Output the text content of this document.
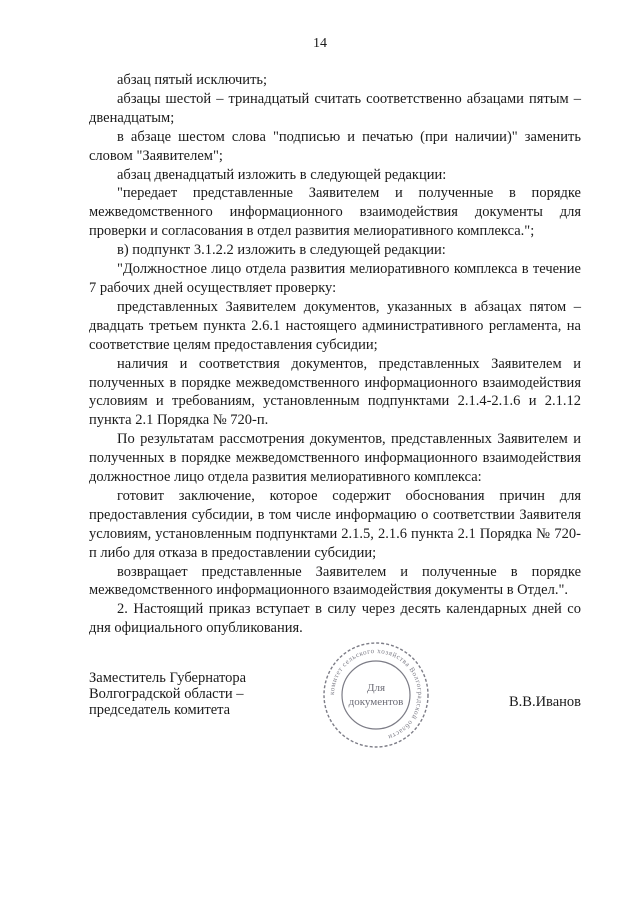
14

абзац пятый исключить;

абзацы шестой – тринадцатый считать соответственно абзацами пятым – двенадцатым;

в абзаце шестом слова "подписью и печатью (при наличии)" заменить словом "Заявителем";

абзац двенадцатый изложить в следующей редакции:

"передает представленные Заявителем и полученные в порядке межведомственного информационного взаимодействия документы для проверки и согласования в отдел развития мелиоративного комплекса.";

в) подпункт 3.1.2.2 изложить в следующей редакции:

"Должностное лицо отдела развития мелиоративного комплекса в течение 7 рабочих дней осуществляет проверку:

представленных Заявителем документов, указанных в абзацах пятом – двадцать третьем пункта 2.6.1 настоящего административного регламента, на соответствие целям предоставления субсидии;

наличия и соответствия документов, представленных Заявителем и полученных в порядке межведомственного информационного взаимодействия условиям и требованиям, установленным подпунктами 2.1.4-2.1.6 и 2.1.12 пункта 2.1 Порядка № 720-п.

По результатам рассмотрения документов, представленных Заявителем и полученных в порядке межведомственного информационного взаимодействия должностное лицо отдела развития мелиоративного комплекса:

готовит заключение, которое содержит обоснования причин для предоставления субсидии, в том числе информацию о соответствии Заявителя условиям, установленным подпунктами 2.1.5, 2.1.6 пункта 2.1 Порядка № 720-п либо для отказа в предоставлении субсидии;

возвращает представленные Заявителем и полученные в порядке межведомственного информационного взаимодействия документы в Отдел.".

2. Настоящий приказ вступает в силу через десять календарных дней со дня официального опубликования.

Заместитель Губернатора
Волгоградской области –
председатель комитета
комитет сельского хозяйства Волгоградской области
Для
документов	В.В.Иванов
